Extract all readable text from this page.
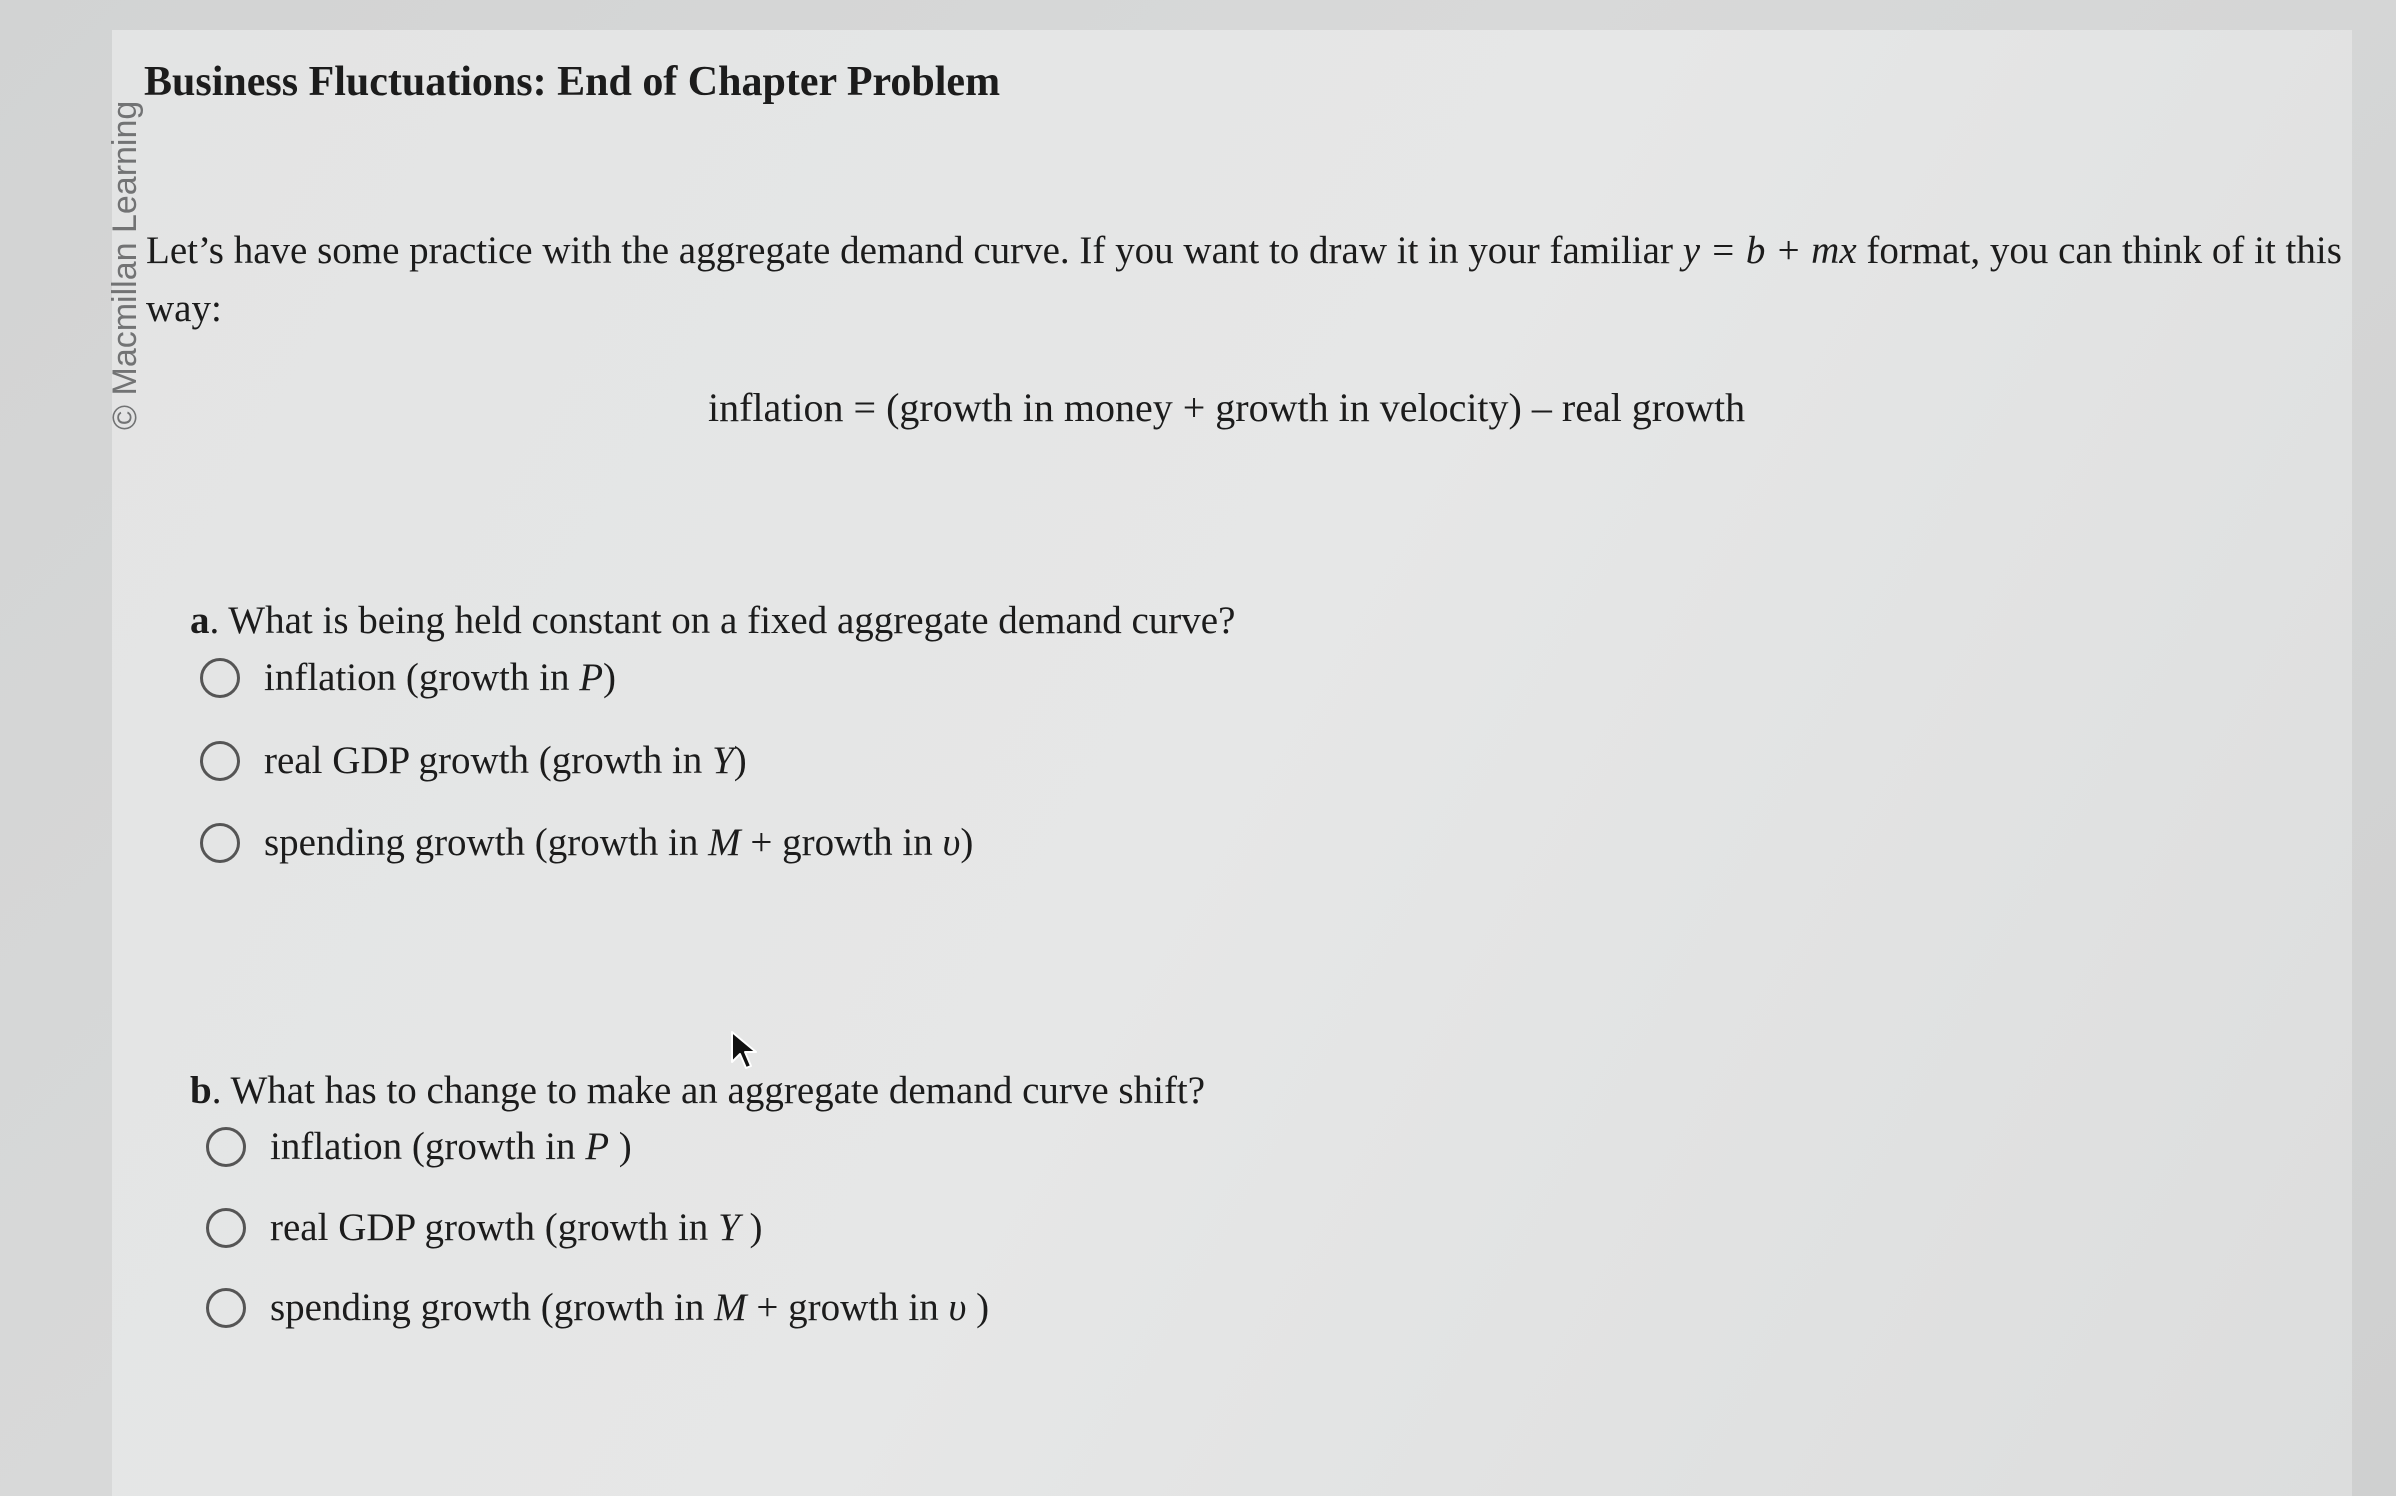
© Macmillan Learning
Business Fluctuations: End of Chapter Problem

Let’s have some practice with the aggregate demand curve. If you want to draw it in your familiar y = b + mx format, you can think of it this way:

inflation = (growth in money + growth in velocity) – real growth

a. What is being held constant on a fixed aggregate demand curve?

inflation (growth in P)
real GDP growth (growth in Y)
spending growth (growth in M + growth in υ)

b. What has to change to make an aggregate demand curve shift?

inflation (growth in P )
real GDP growth (growth in Y )
spending growth (growth in M + growth in υ )
